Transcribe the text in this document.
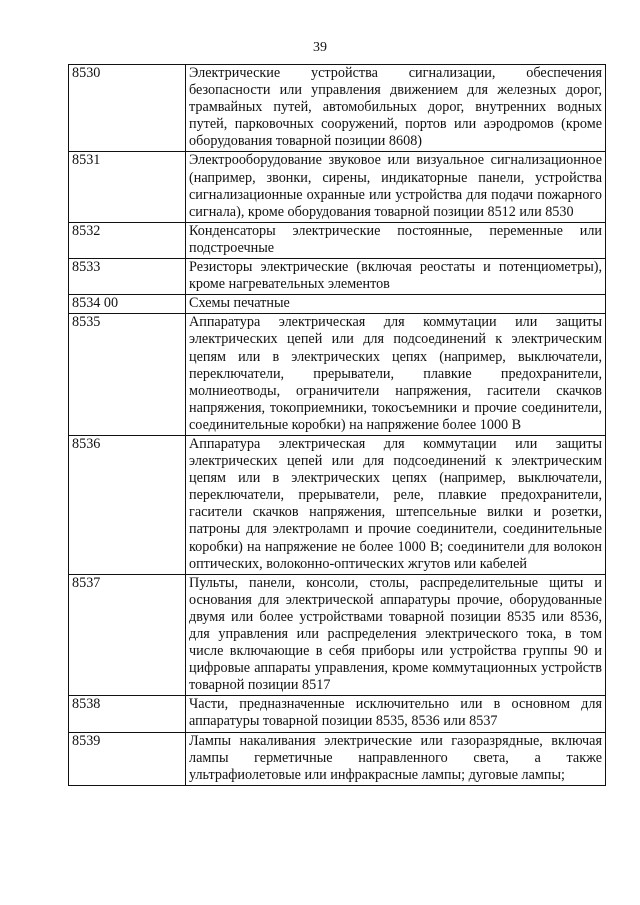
39
8530	Электрические устройства сигнализации, обеспечения безопасности или управления движением для железных дорог, трамвайных путей, автомобильных дорог, внутренних водных путей, парковочных сооружений, портов или аэродромов (кроме оборудования товарной позиции 8608)
8531	Электрооборудование звуковое или визуальное сигнализационное (например, звонки, сирены, индикаторные панели, устройства сигнализационные охранные или устройства для подачи пожарного сигнала), кроме оборудования товарной позиции 8512 или 8530
8532	Конденсаторы электрические постоянные, переменные или подстроечные
8533	Резисторы электрические (включая реостаты и потенциометры), кроме нагревательных элементов
8534 00	Схемы печатные
8535	Аппаратура электрическая для коммутации или защиты электрических цепей или для подсоединений к электрическим цепям или в электрических цепях (например, выключатели, переключатели, прерыватели, плавкие предохранители, молниеотводы, ограничители напряжения, гасители скачков напряжения, токоприемники, токосъемники и прочие соединители, соединительные коробки) на напряжение более 1000 В
8536	Аппаратура электрическая для коммутации или защиты электрических цепей или для подсоединений к электрическим цепям или в электрических цепях (например, выключатели, переключатели, прерыватели, реле, плавкие предохранители, гасители скачков напряжения, штепсельные вилки и розетки, патроны для электроламп и прочие соединители, соединительные коробки) на напряжение не более 1000 В; соединители для волокон оптических, волоконно-оптических жгутов или кабелей
8537	Пульты, панели, консоли, столы, распределительные щиты и основания для электрической аппаратуры прочие, оборудованные двумя или более устройствами товарной позиции 8535 или 8536, для управления или распределения электрического тока, в том числе включающие в себя приборы или устройства группы 90 и цифровые аппараты управления, кроме коммутационных устройств товарной позиции 8517
8538	Части, предназначенные исключительно или в основном для аппаратуры товарной позиции 8535, 8536 или 8537
8539	Лампы накаливания электрические или газоразрядные, включая лампы герметичные направленного света, а также ультрафиолетовые или инфракрасные лампы; дуговые лампы;
